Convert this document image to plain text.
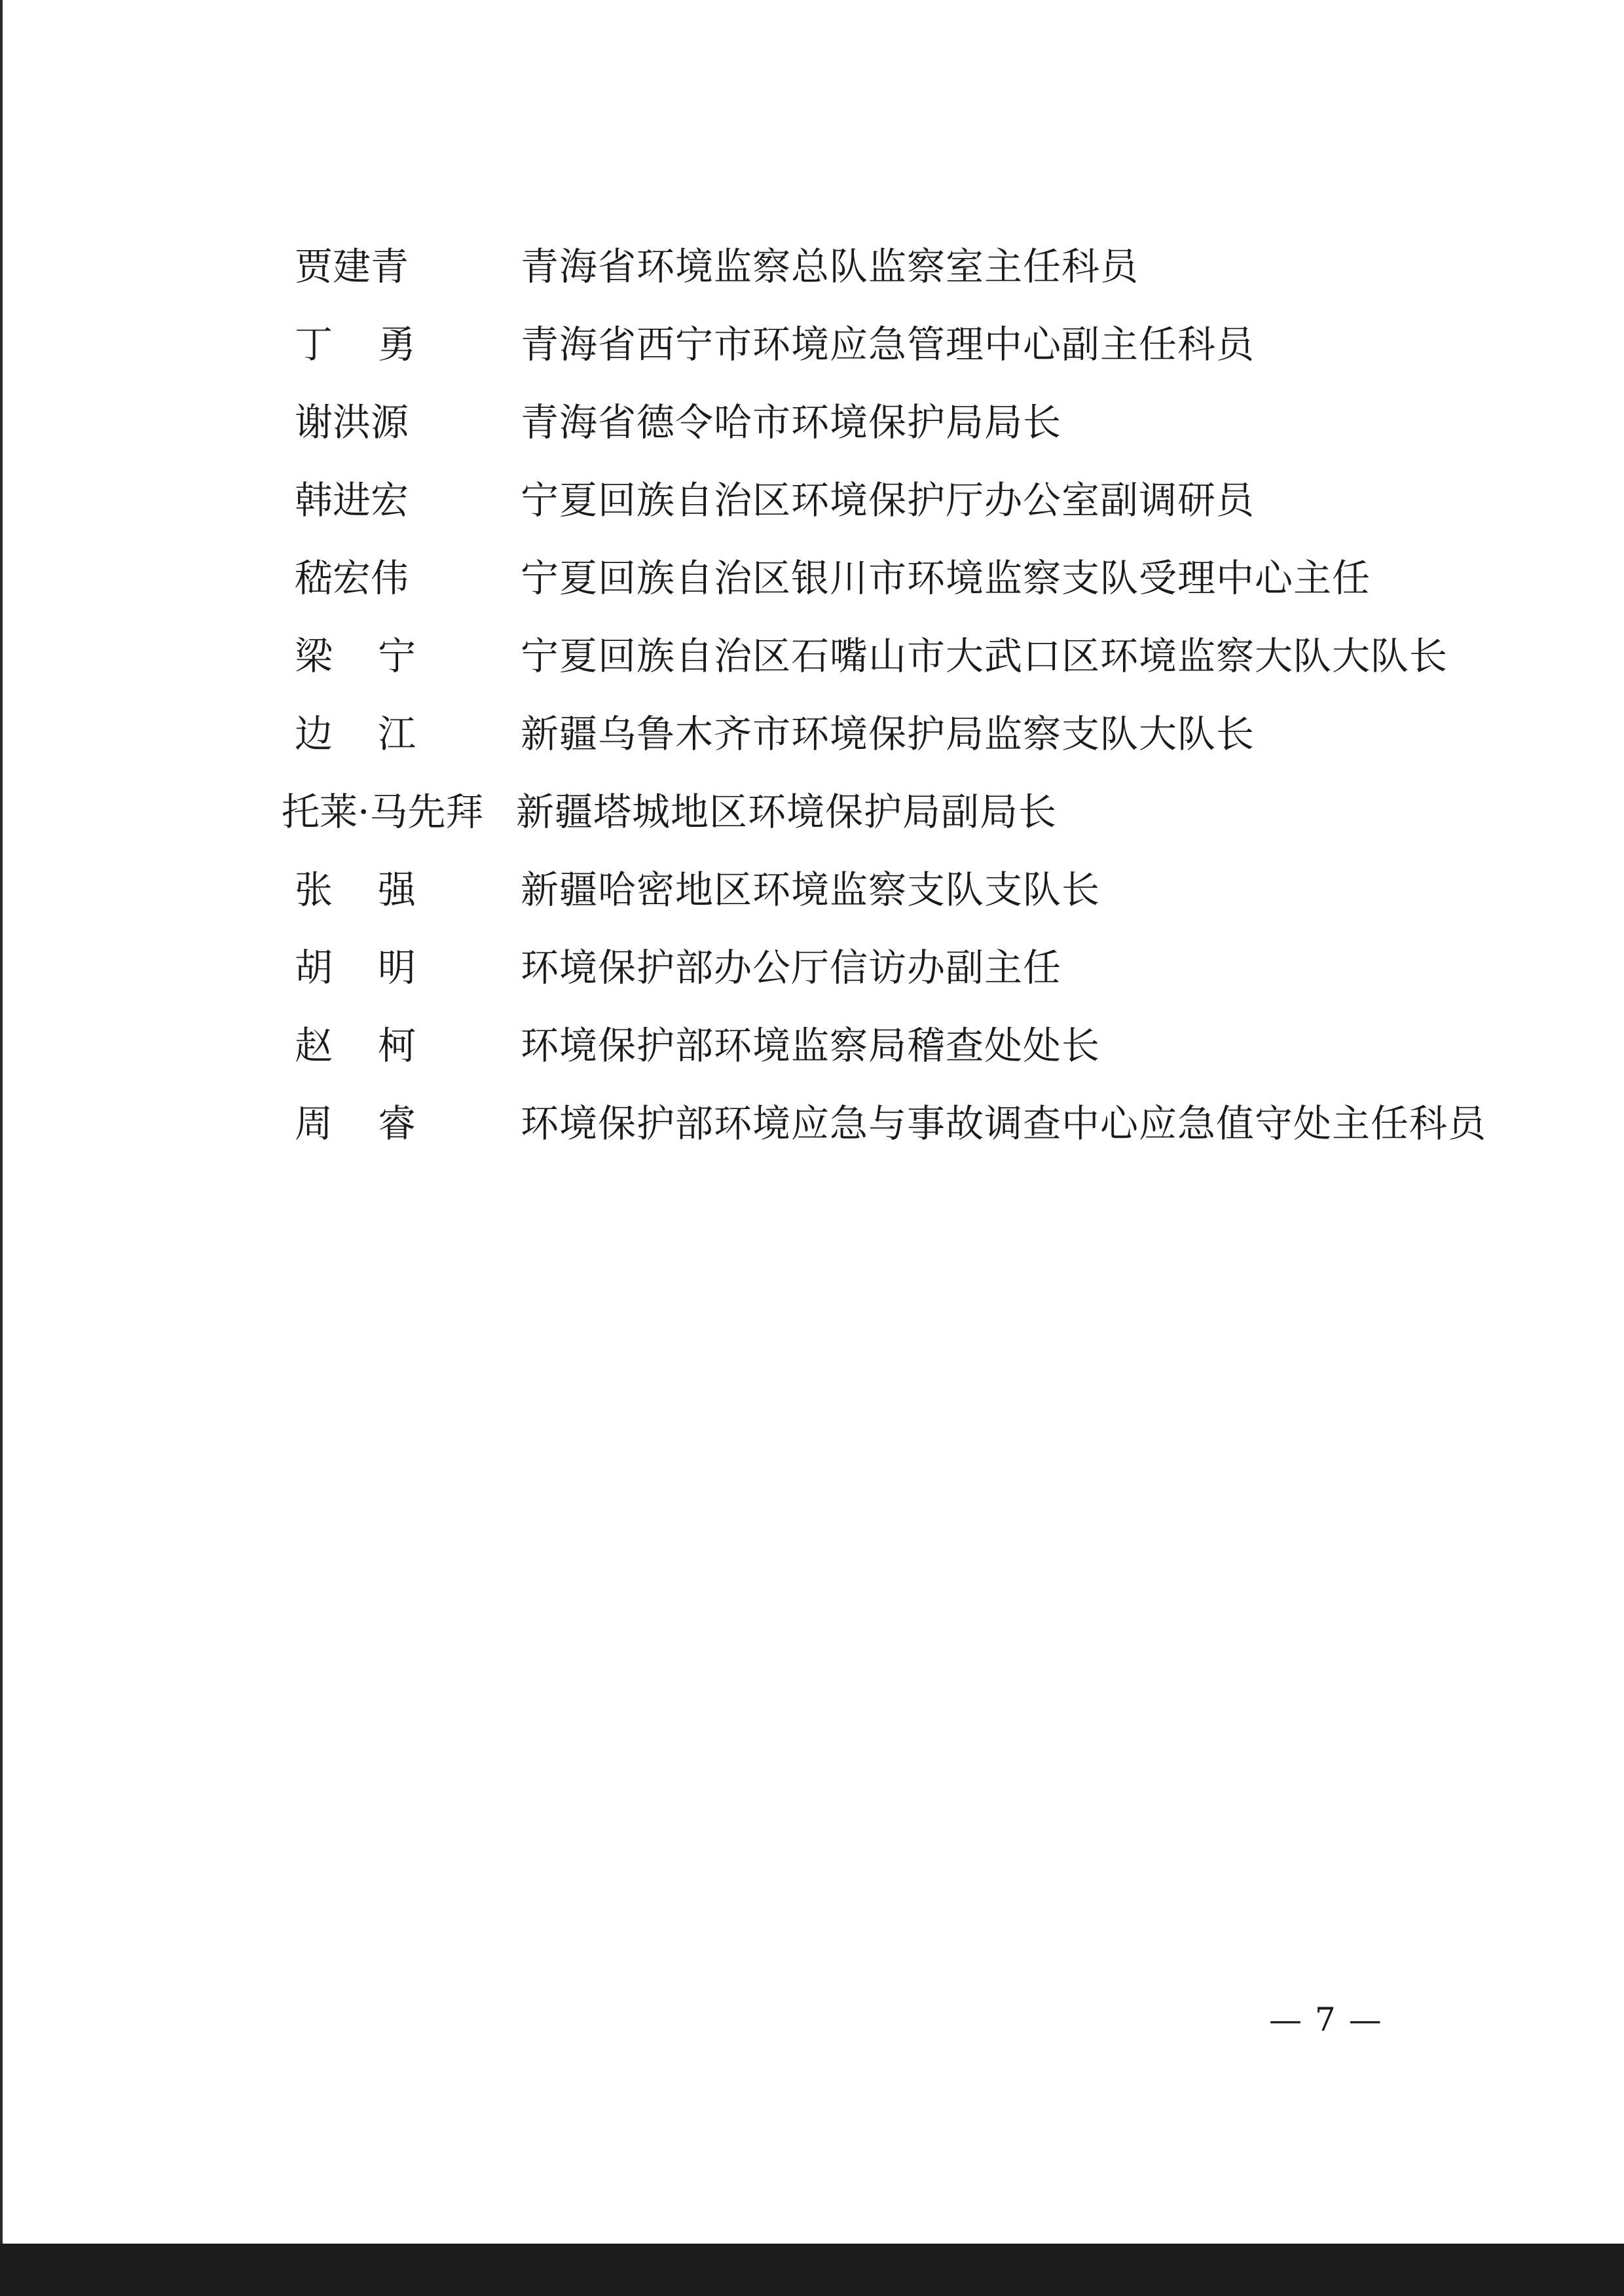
贾建青	青海省环境监察总队监察室主任科员
丁勇	青海省西宁市环境应急管理中心副主任科员
谢洪源	青海省德令哈市环境保护局局长
韩进宏	宁夏回族自治区环境保护厅办公室副调研员
嵇宏伟	宁夏回族自治区银川市环境监察支队受理中心主任
梁宁	宁夏回族自治区石嘴山市大武口区环境监察大队大队长
边江	新疆乌鲁木齐市环境保护局监察支队大队长
托莱·马先拜 新疆塔城地区环境保护局副局长
张强	新疆哈密地区环境监察支队支队长
胡明	环境保护部办公厅信访办副主任
赵柯	环境保护部环境监察局稽查处处长
周睿	环境保护部环境应急与事故调查中心应急值守处主任科员
— 7 —
